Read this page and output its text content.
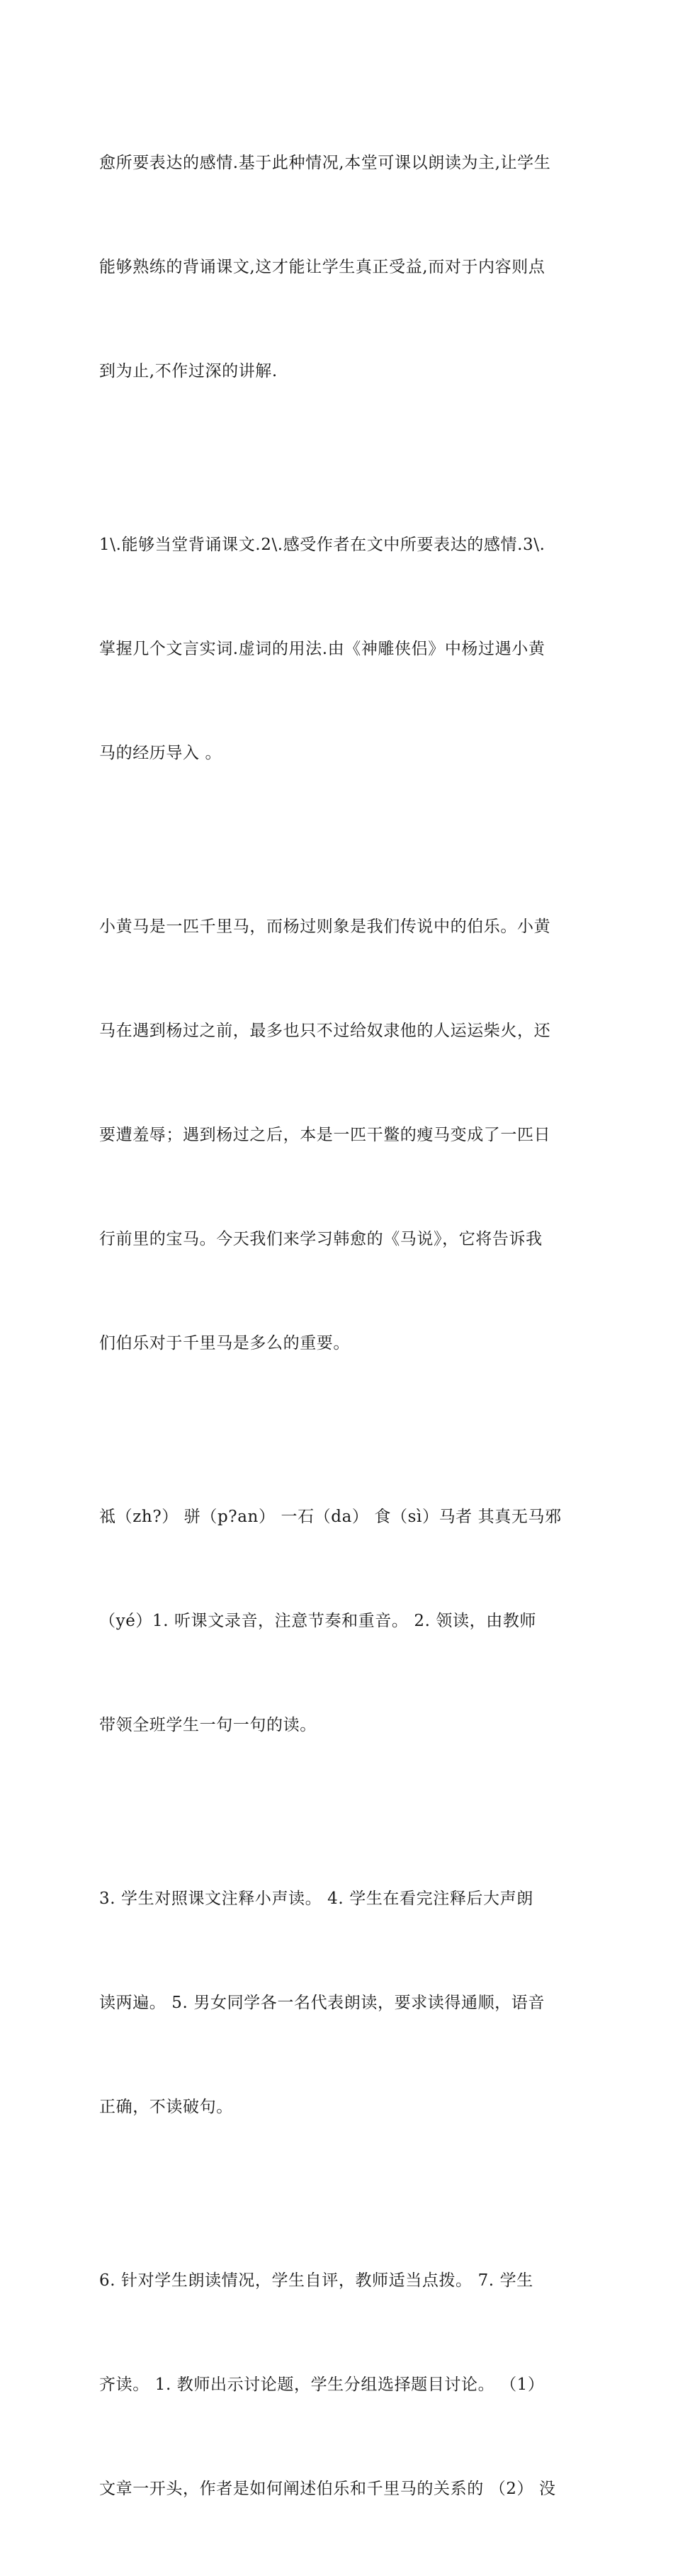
愈所要表达的感情.基于此种情况,本堂可课以朗读为主,让学生

能够熟练的背诵课文,这才能让学生真正受益,而对于内容则点

到为止,不作过深的讲解.

1\.能够当堂背诵课文.2\.感受作者在文中所要表达的感情.3\.

掌握几个文言实词.虚词的用法.由《神雕侠侣》中杨过遇小黄

马的经历导入 。

小黄马是一匹千里马，而杨过则象是我们传说中的伯乐。小黄

马在遇到杨过之前，最多也只不过给奴隶他的人运运柴火，还

要遭羞辱；遇到杨过之后，本是一匹干鳖的瘦马变成了一匹日

行前里的宝马。今天我们来学习韩愈的《马说》，它将告诉我

们伯乐对于千里马是多么的重要。

祗（zh?） 骈（p?an） 一石（da） 食（sì）马者 其真无马邪

（yé）1. 听课文录音，注意节奏和重音。 2. 领读，由教师

带领全班学生一句一句的读。

3. 学生对照课文注释小声读。 4. 学生在看完注释后大声朗

读两遍。 5. 男女同学各一名代表朗读，要求读得通顺，语音

正确，不读破句。

6. 针对学生朗读情况，学生自评，教师适当点拨。 7. 学生

齐读。 1. 教师出示讨论题，学生分组选择题目讨论。 （1）

文章一开头，作者是如何阐述伯乐和千里马的关系的 （2） 没
